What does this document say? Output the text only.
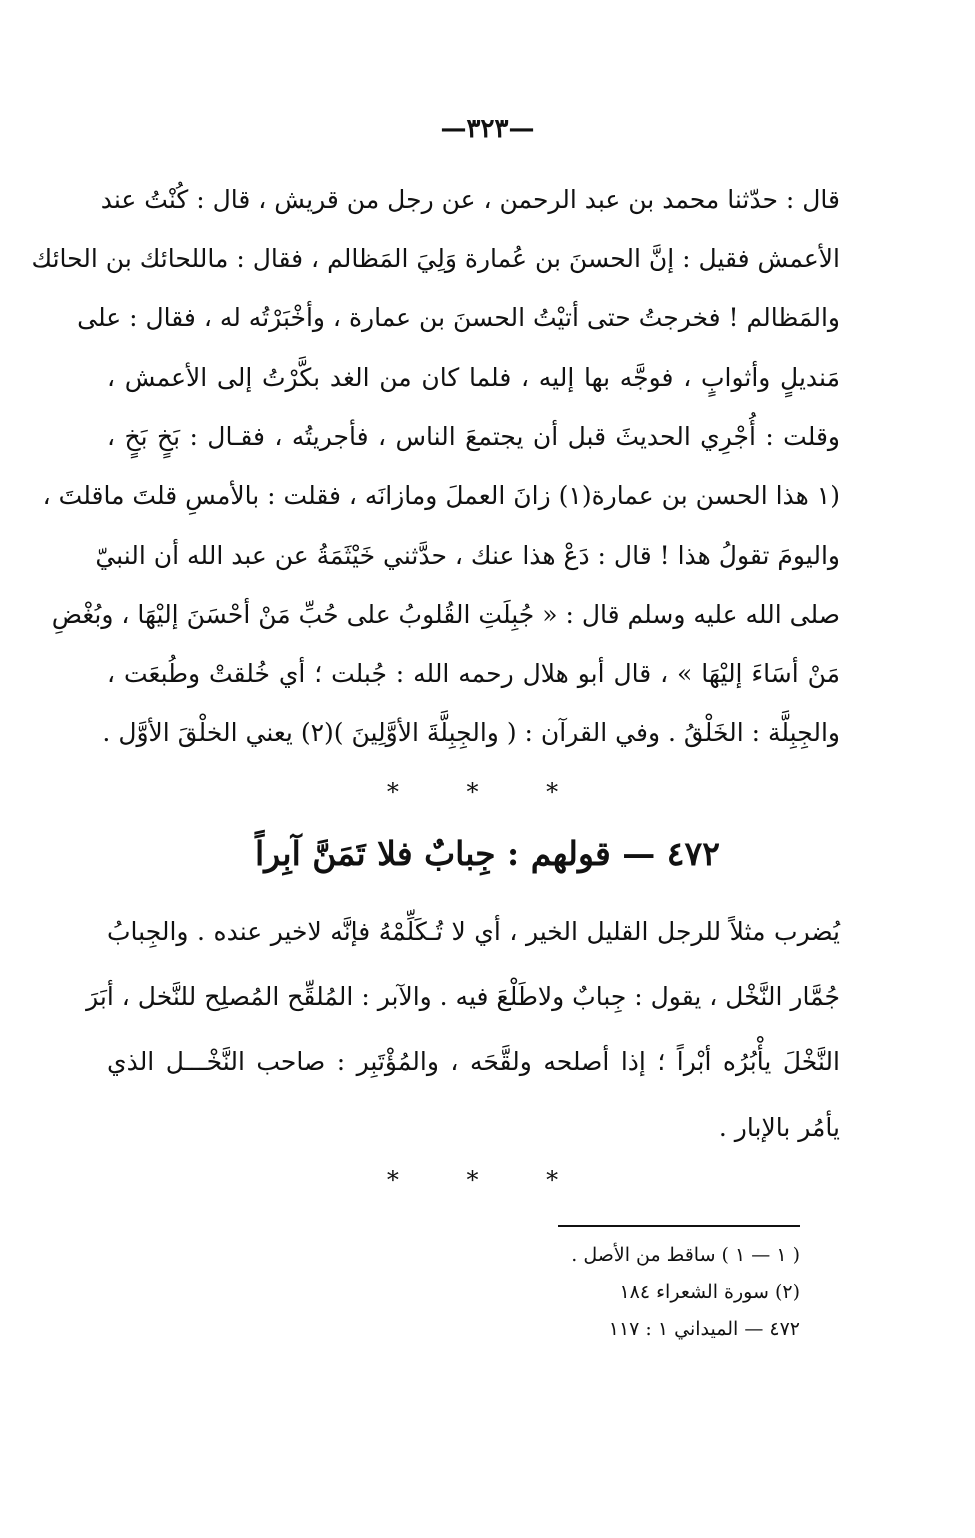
—٣٢٣—
قال : حدّثنا محمد بن عبد الرحمن ، عن رجل من قريش ، قال : كُنْتُ عند
الأعمش فقيل : إنَّ الحسنَ بن عُمارة وَلِيَ المَظالم ، فقال : ماللحائك بن الحائك
والمَظالم ! فخرجتُ حتى أتيْتُ الحسنَ بن عمارة ، وأخْبَرْتُه له ، فقال : على
مَنديلٍ وأثوابٍ ، فوجَّه بها إليه ، فلما كان من الغد بكَّرْتُ إلى الأعمش ،
وقلت : أُجْرِي الحديثَ قبل أن يجتمعَ الناس ، فأجريتُه ، فقـال : بَخٍ بَخٍ ،
(١ هذا الحسن بن عمارة(١) زانَ العملَ ومازانَه ، فقلت : بالأمسِ قلتَ ماقلتَ ،
واليومَ تقولُ هذا ! قال : دَعْ هذا عنك ، حدَّثني خَيْثَمَةُ عن عبد الله أن النبيّ
صلى الله عليه وسلم قال : « جُبِلَتِ القُلوبُ على حُبِّ مَنْ أحْسَنَ إليْهَا ، وبُغْضِ
مَنْ أسَاءَ إليْهَا » ، قال أبو هلال رحمه الله : جُبلت ؛ أي خُلقتْ وطُبعَت ،
والجِبِلَّة : الخَلْقُ . وفي القرآن : ( والجِبِلَّةَ الأوَّلِينَ )(٢) يعني الخلْقَ الأوَّل .
* * *
٤٧٢ — قولهم : جِبابٌ فلا تَمَنَّ آبِراً
يُضرب مثلاً للرجل القليل الخير ، أي لا تُـكَلِّمْهُ فإنَّه لاخير عنده . والجِبابُ
جُمَّار النَّخْل ، يقول : جِبابٌ ولاطَلْعَ فيه . والآبر : المُلقِّح المُصلِح للنَّخل ، أبَرَ
النَّخْلَ يأْبُرُه أبْراً ؛ إذا أصلحه ولقَّحَه ، والمُؤْتَبِر : صاحب النَّخْـــل الذي
يأمُر بالإبار .
* * *
( ١ — ١ ) ساقط من الأصل .
(٢) سورة الشعراء ١٨٤
٤٧٢ — الميداني ١ : ١١٧
